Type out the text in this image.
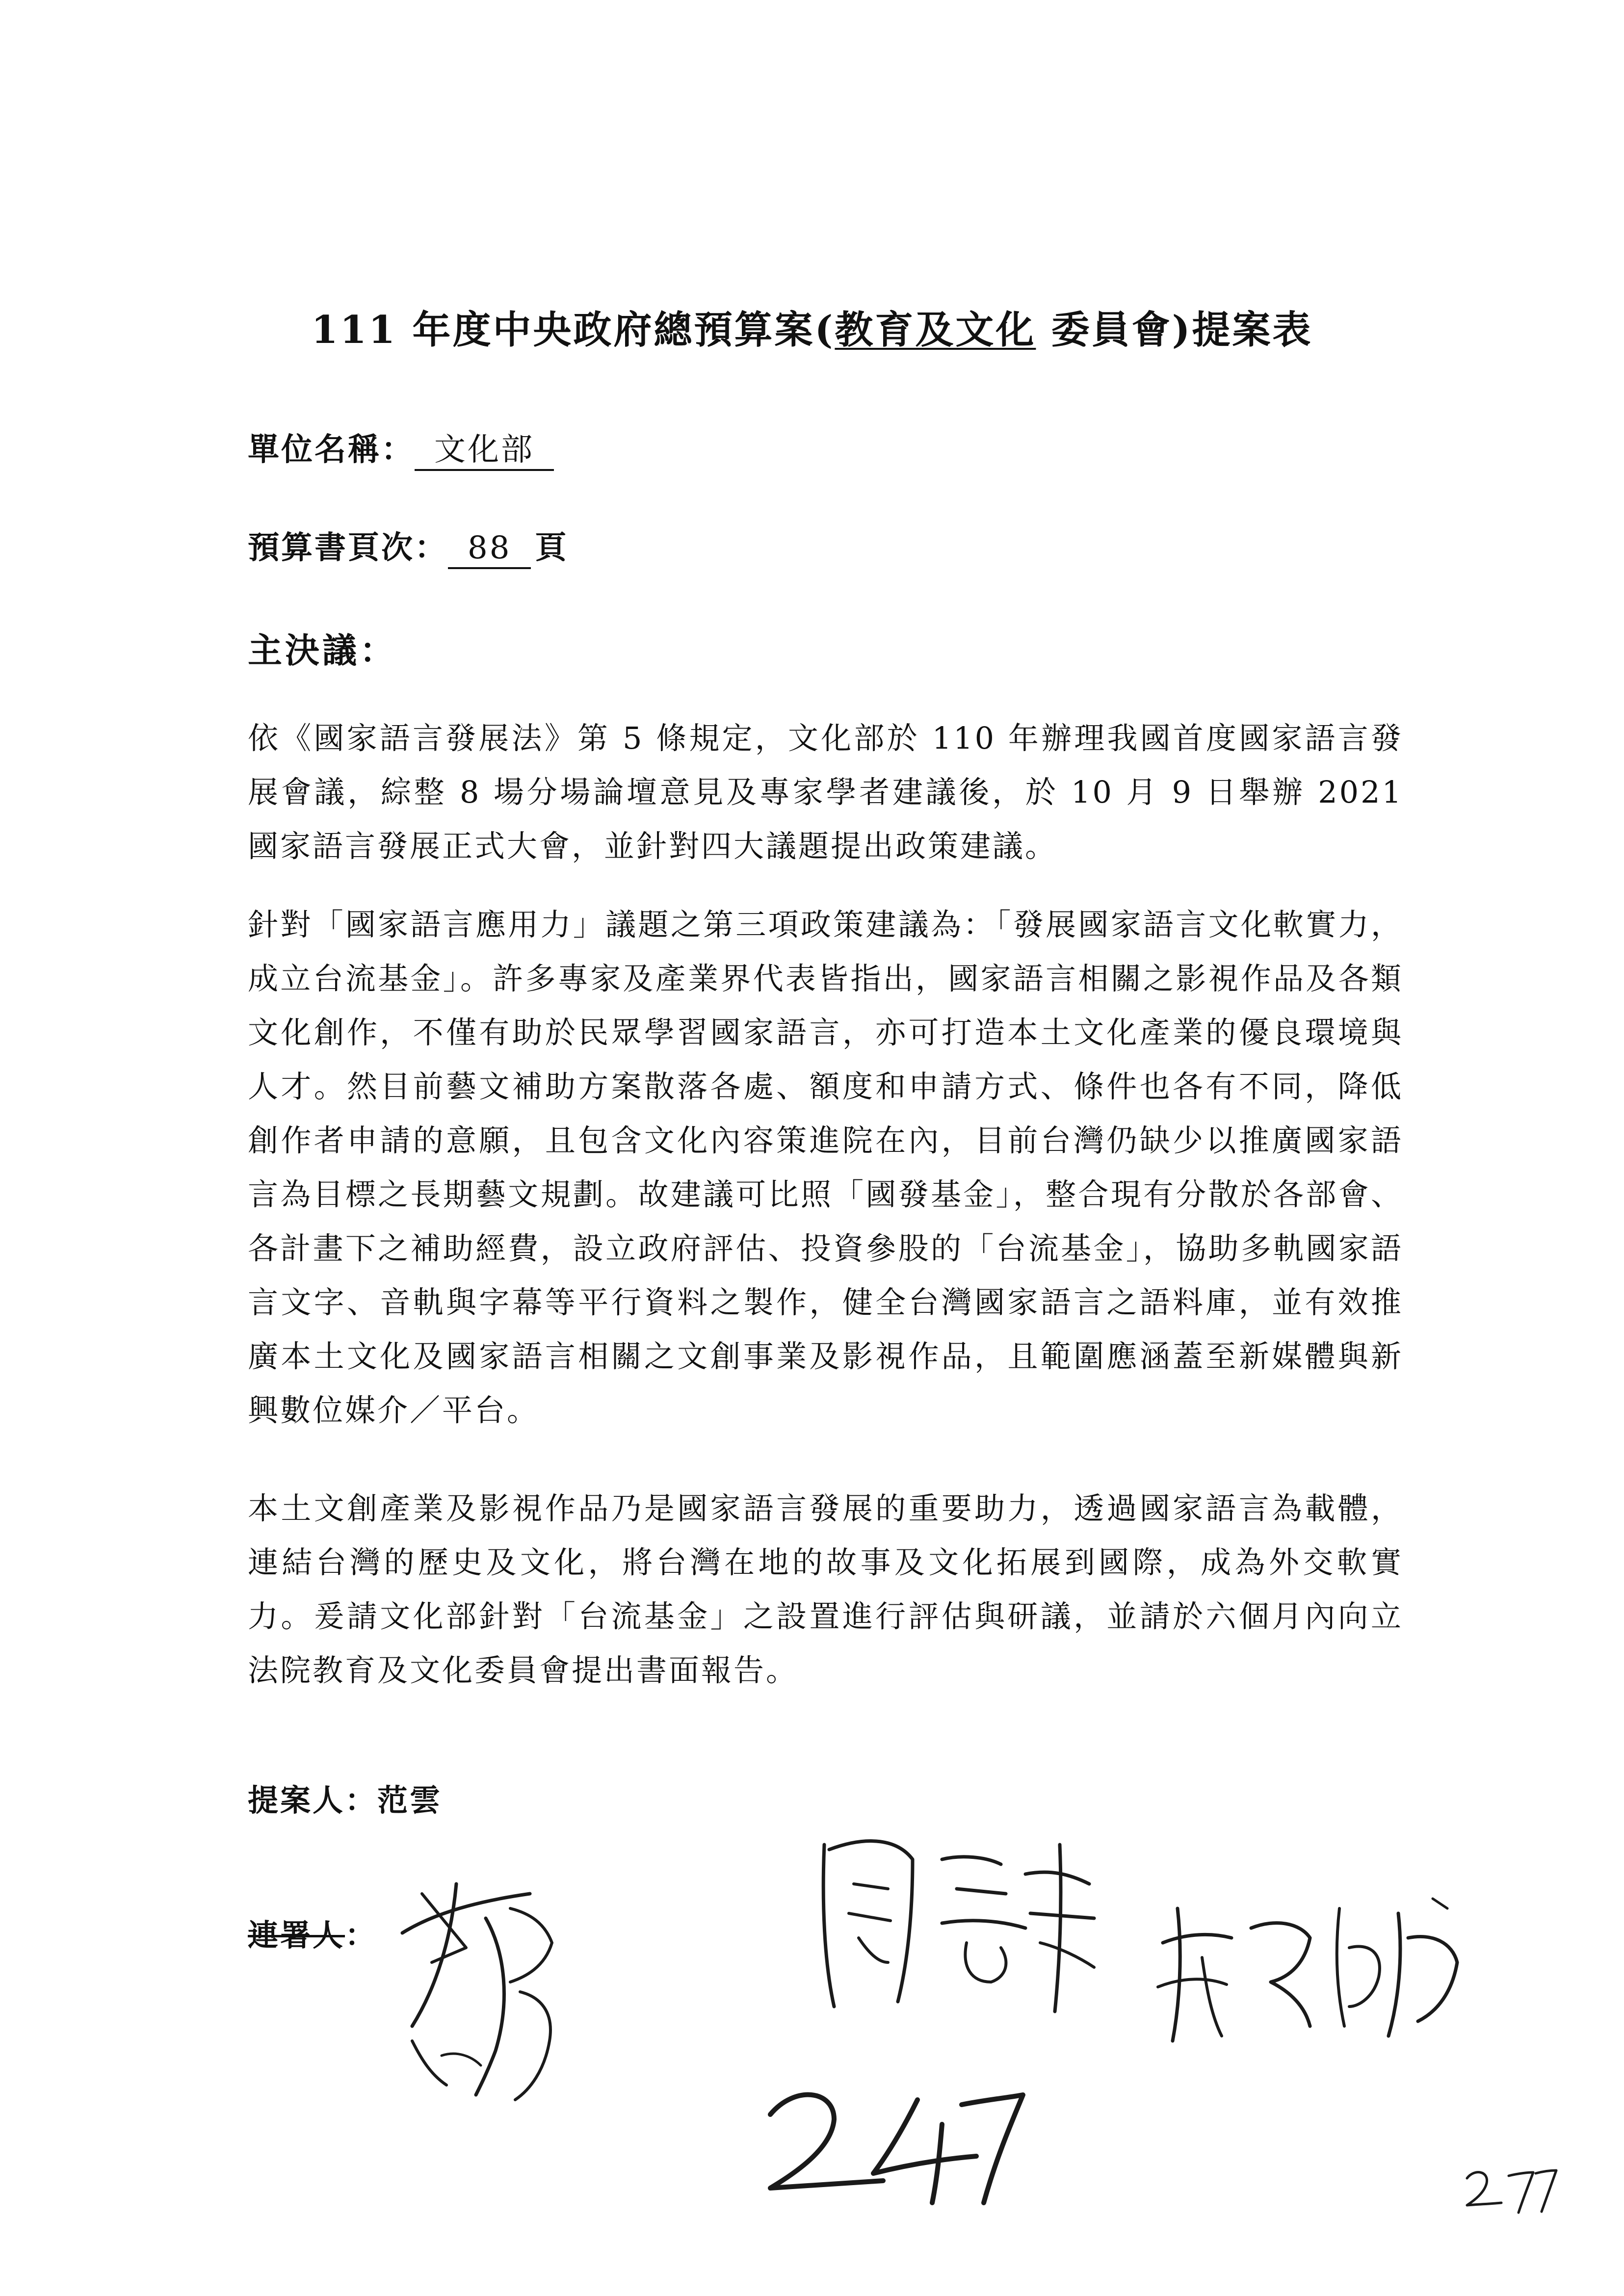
111 年度中央政府總預算案(教育及文化 委員會)提案表
單位名稱： 文化部
預算書頁次： 88 頁
主決議：
依《國家語言發展法》第 5 條規定，文化部於 110 年辦理我國首度國家語言發展會議，綜整 8 場分場論壇意見及專家學者建議後，於 10 月 9 日舉辦 2021 國家語言發展正式大會，並針對四大議題提出政策建議。
針對「國家語言應用力」議題之第三項政策建議為：「發展國家語言文化軟實力，成立台流基金」。許多專家及產業界代表皆指出，國家語言相關之影視作品及各類文化創作，不僅有助於民眾學習國家語言，亦可打造本土文化產業的優良環境與人才。然目前藝文補助方案散落各處、額度和申請方式、條件也各有不同，降低創作者申請的意願，且包含文化內容策進院在內，目前台灣仍缺少以推廣國家語言為目標之長期藝文規劃。故建議可比照「國發基金」，整合現有分散於各部會、各計畫下之補助經費，設立政府評估、投資參股的「台流基金」，協助多軌國家語言文字、音軌與字幕等平行資料之製作，健全台灣國家語言之語料庫，並有效推廣本土文化及國家語言相關之文創事業及影視作品，且範圍應涵蓋至新媒體與新興數位媒介／平台。
本土文創產業及影視作品乃是國家語言發展的重要助力，透過國家語言為載體，連結台灣的歷史及文化，將台灣在地的故事及文化拓展到國際，成為外交軟實力。爰請文化部針對「台流基金」之設置進行評估與研議，並請於六個月內向立法院教育及文化委員會提出書面報告。
提案人：范雲
連署人：
